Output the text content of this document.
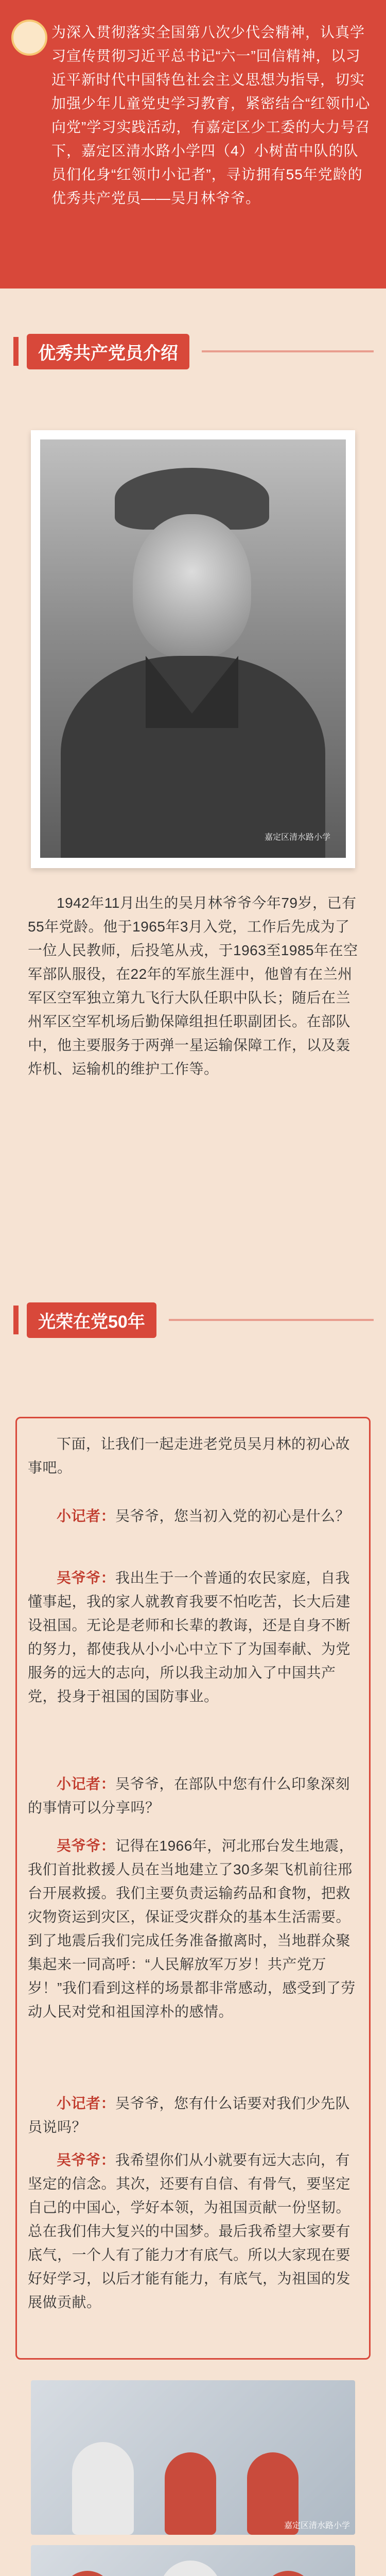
为深入贯彻落实全国第八次少代会精神，认真学习宣传贯彻习近平总书记“六一”回信精神，以习近平新时代中国特色社会主义思想为指导，切实加强少年儿童党史学习教育，紧密结合“红领巾心向党”学习实践活动，有嘉定区少工委的大力号召下，嘉定区清水路小学四（4）小树苗中队的队员们化身“红领巾小记者”，寻访拥有55年党龄的优秀共产党员——吴月林爷爷。

优秀共产党员介绍
嘉定区清水路小学

1942年11月出生的吴月林爷爷今年79岁，已有55年党龄。他于1965年3月入党，工作后先成为了一位人民教师，后投笔从戎，于1963至1985年在空军部队服役，在22年的军旅生涯中，他曾有在兰州军区空军独立第九飞行大队任职中队长；随后在兰州军区空军机场后勤保障组担任职副团长。在部队中，他主要服务于两弹一星运输保障工作，以及轰炸机、运输机的维护工作等。

光荣在党50年

下面，让我们一起走进老党员吴月林的初心故事吧。

小记者：吴爷爷，您当初入党的初心是什么？

吴爷爷：我出生于一个普通的农民家庭，自我懂事起，我的家人就教育我要不怕吃苦，长大后建设祖国。无论是老师和长辈的教诲，还是自身不断的努力，都使我从小小心中立下了为国奉献、为党服务的远大的志向，所以我主动加入了中国共产党，投身于祖国的国防事业。

小记者：吴爷爷，在部队中您有什么印象深刻的事情可以分享吗？

吴爷爷：记得在1966年，河北邢台发生地震，我们首批救援人员在当地建立了30多架飞机前往邢台开展救援。我们主要负责运输药品和食物，把救灾物资运到灾区，保证受灾群众的基本生活需要。到了地震后我们完成任务准备撤离时，当地群众聚集起来一同高呼：“人民解放军万岁！共产党万岁！”我们看到这样的场景都非常感动，感受到了劳动人民对党和祖国淳朴的感情。

小记者：吴爷爷，您有什么话要对我们少先队员说吗？

吴爷爷：我希望你们从小就要有远大志向，有坚定的信念。其次，还要有自信、有骨气，要坚定自己的中国心，学好本领，为祖国贡献一份坚韧。总在我们伟大复兴的中国梦。最后我希望大家要有底气，一个人有了能力才有底气。所以大家现在要好好学习，以后才能有能力，有底气，为祖国的发展做贡献。

嘉定区清水路小学
